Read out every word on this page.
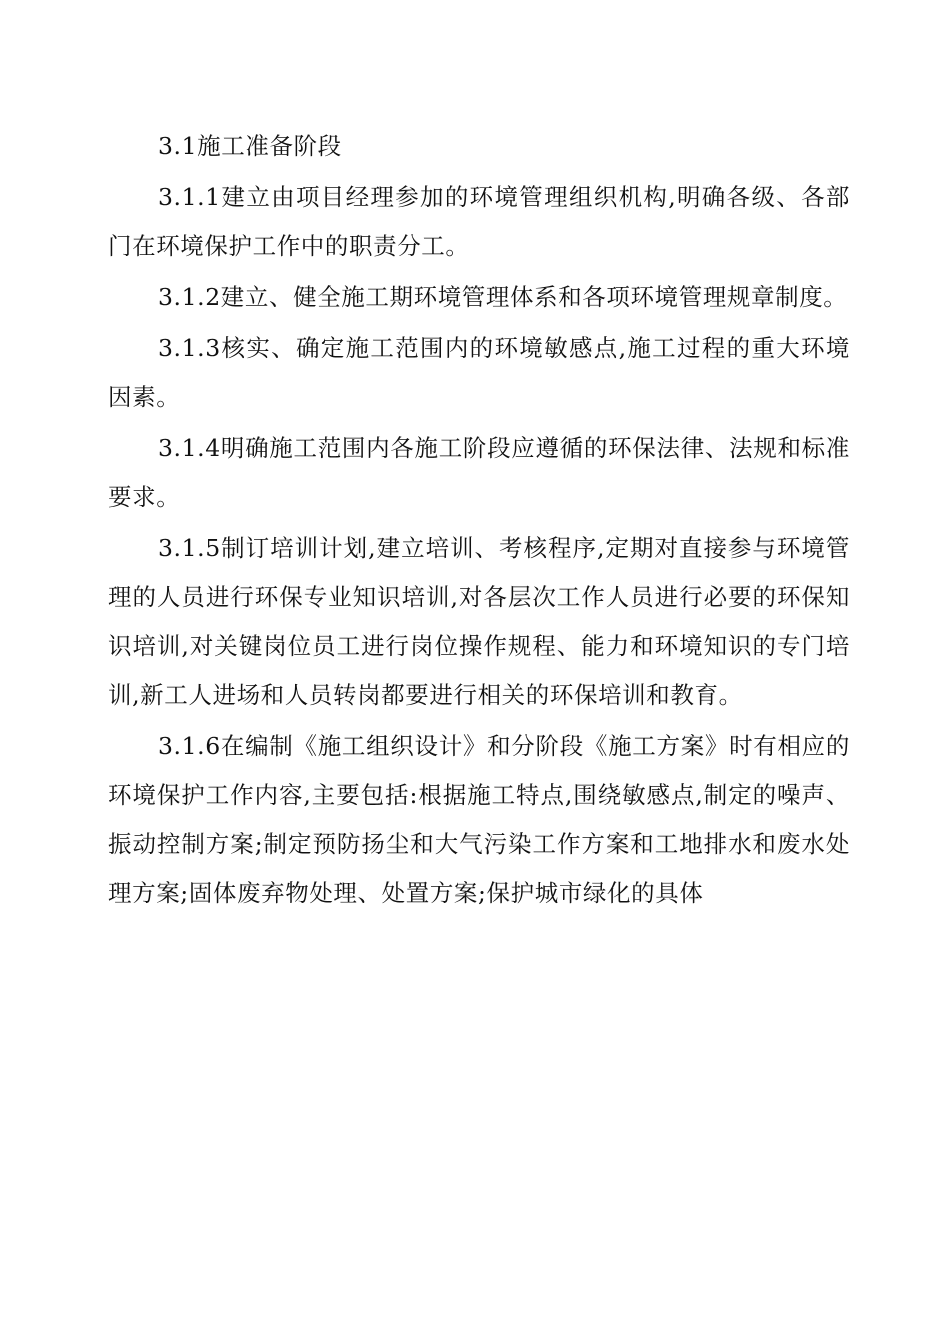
3.1施工准备阶段

3.1.1建立由项目经理参加的环境管理组织机构,明确各级、各部门在环境保护工作中的职责分工。

3.1.2建立、健全施工期环境管理体系和各项环境管理规章制度。

3.1.3核实、确定施工范围内的环境敏感点,施工过程的重大环境因素。

3.1.4明确施工范围内各施工阶段应遵循的环保法律、法规和标准要求。

3.1.5制订培训计划,建立培训、考核程序,定期对直接参与环境管理的人员进行环保专业知识培训,对各层次工作人员进行必要的环保知识培训,对关键岗位员工进行岗位操作规程、能力和环境知识的专门培训,新工人进场和人员转岗都要进行相关的环保培训和教育。

3.1.6在编制《施工组织设计》和分阶段《施工方案》时有相应的环境保护工作内容,主要包括:根据施工特点,围绕敏感点,制定的噪声、振动控制方案;制定预防扬尘和大气污染工作方案和工地排水和废水处理方案;固体废弃物处理、处置方案;保护城市绿化的具体
